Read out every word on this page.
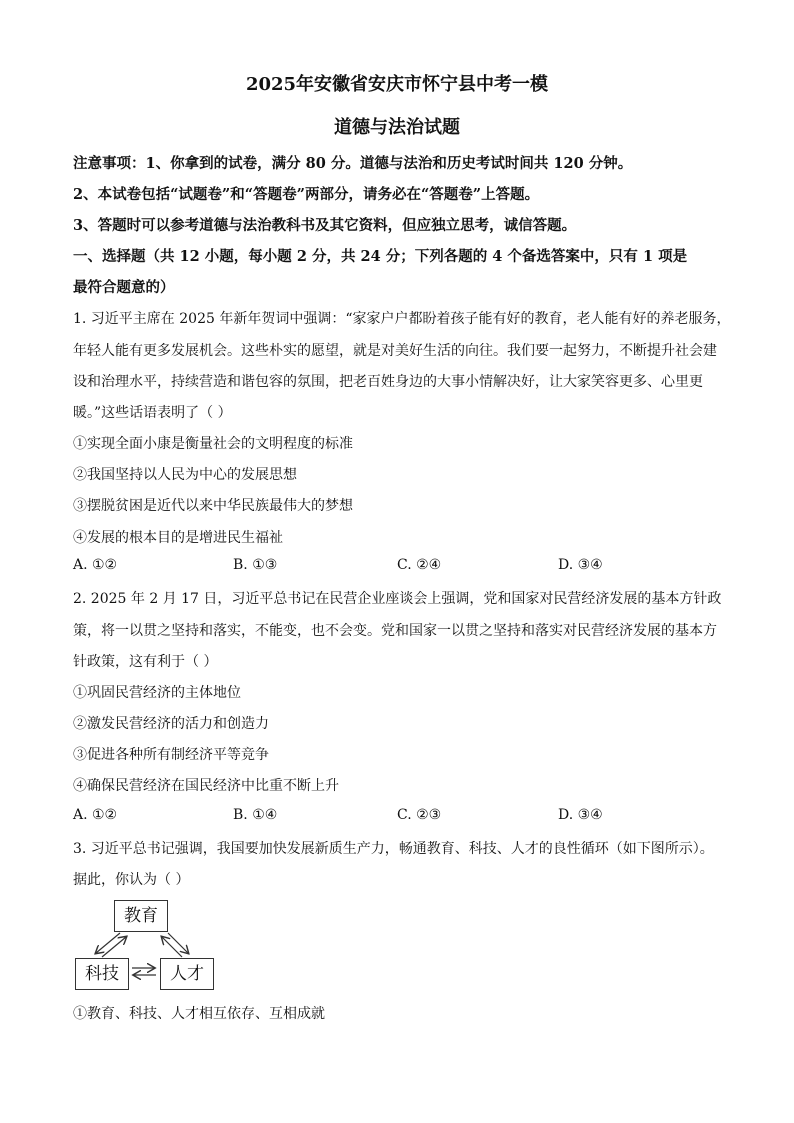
2025年安徽省安庆市怀宁县中考一模
道德与法治试题
注意事项：1、你拿到的试卷，满分 80 分。道德与法治和历史考试时间共 120 分钟。
2、本试卷包括“试题卷”和“答题卷”两部分，请务必在“答题卷”上答题。
3、答题时可以参考道德与法治教科书及其它资料，但应独立思考，诚信答题。
一、选择题（共 12 小题，每小题 2 分，共 24 分；下列各题的 4 个备选答案中，只有 1 项是
最符合题意的）
1. 习近平主席在 2025 年新年贺词中强调：“家家户户都盼着孩子能有好的教育，老人能有好的养老服务，
年轻人能有更多发展机会。这些朴实的愿望，就是对美好生活的向往。我们要一起努力，不断提升社会建
设和治理水平，持续营造和谐包容的氛围，把老百姓身边的大事小情解决好，让大家笑容更多、心里更
暖。”这些话语表明了（ ）
①实现全面小康是衡量社会的文明程度的标准
②我国坚持以人民为中心的发展思想
③摆脱贫困是近代以来中华民族最伟大的梦想
④发展的根本目的是增进民生福祉
A. ①②	B. ①③	C. ②④	D. ③④
2. 2025 年 2 月 17 日，习近平总书记在民营企业座谈会上强调，党和国家对民营经济发展的基本方针政
策，将一以贯之坚持和落实，不能变，也不会变。党和国家一以贯之坚持和落实对民营经济发展的基本方
针政策，这有利于（ ）
①巩固民营经济的主体地位
②激发民营经济的活力和创造力
③促进各种所有制经济平等竞争
④确保民营经济在国民经济中比重不断上升
A. ①②	B. ①④	C. ②③	D. ③④
3. 习近平总书记强调，我国要加快发展新质生产力，畅通教育、科技、人才的良性循环（如下图所示）。
据此，你认为（ ）
教育
科技	人才
①教育、科技、人才相互依存、互相成就
